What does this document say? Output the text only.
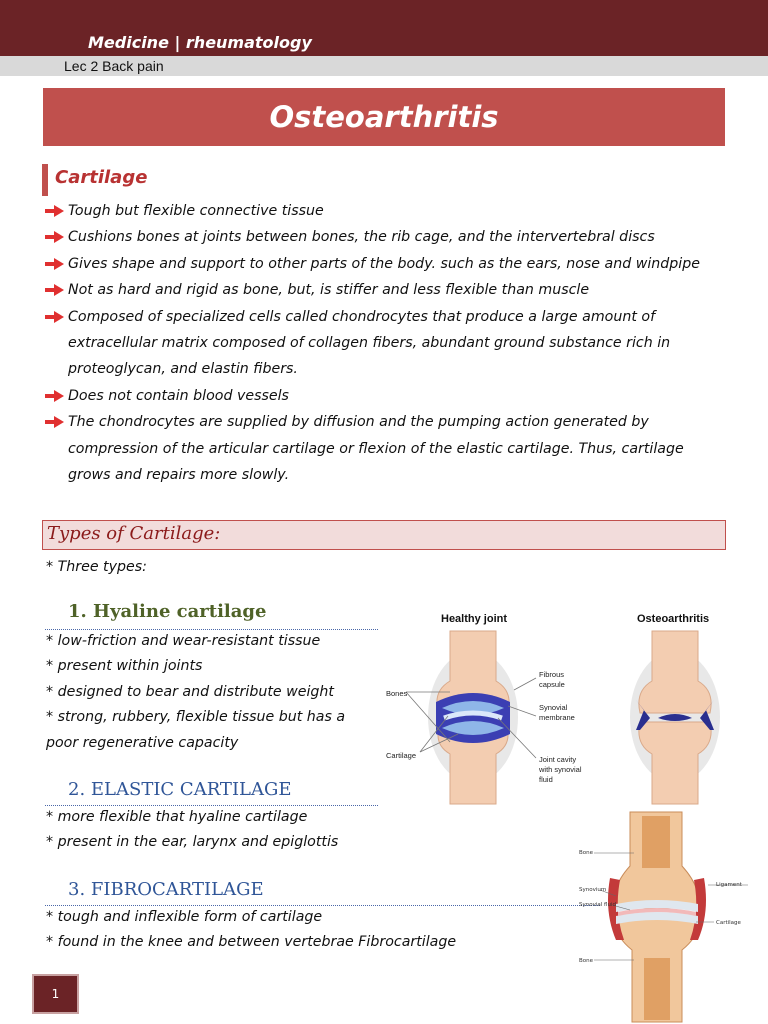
Medicine | rheumatology
Lec 2 Back pain
Osteoarthritis
Cartilage
Tough but flexible connective tissue
Cushions bones at joints between bones, the rib cage, and the intervertebral discs
Gives shape and support to other parts of the body. such as the ears, nose and windpipe
Not as hard and rigid as bone, but, is stiffer and less flexible than muscle
Composed of specialized cells called chondrocytes that produce a large amount of
extracellular matrix composed of collagen fibers, abundant ground substance rich in
proteoglycan, and elastin fibers.
Does not contain blood vessels
The chondrocytes are supplied by diffusion and the pumping action generated by
compression of the articular cartilage or flexion of the elastic cartilage. Thus, cartilage
grows and repairs more slowly.
Types of Cartilage:
* Three types:
1. Hyaline cartilage
* low-friction and wear-resistant tissue
* present within joints
* designed to bear and distribute weight
* strong, rubbery, flexible tissue but has a
poor regenerative capacity
2. ELASTIC CARTILAGE
* more flexible that hyaline cartilage
* present in the ear, larynx and epiglottis
3. FIBROCARTILAGE
* tough and inflexible form of cartilage
* found in the knee and between vertebrae Fibrocartilage
Healthy joint	Osteoarthritis
Bones
Cartilage
Fibrous
capsule
Synovial
membrane
Joint cavity
with synovial
fluid
Bone
Synovium
Synovial fluid
Ligament
Cartilage
Bone
1
